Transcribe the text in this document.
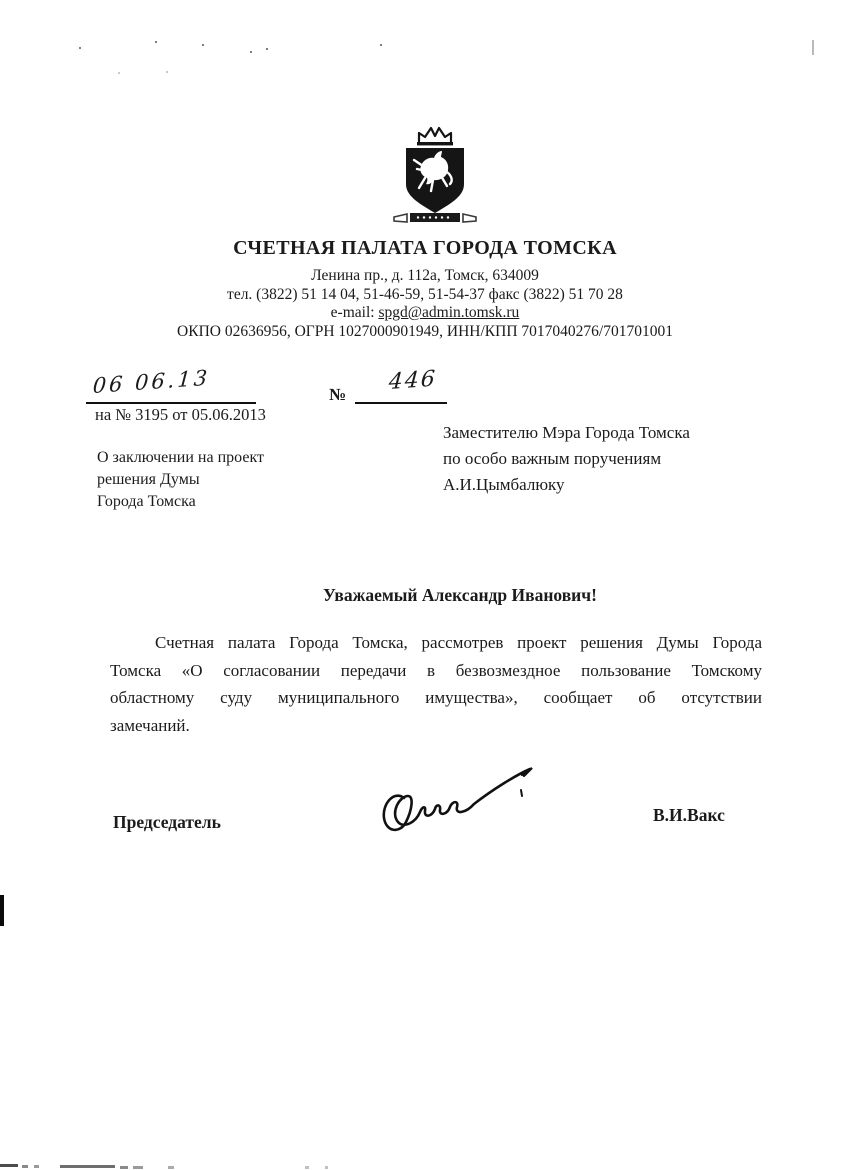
СЧЕТНАЯ ПАЛАТА ГОРОДА ТОМСКА
Ленина пр., д. 112а, Томск, 634009
тел. (3822) 51 14 04, 51-46-59, 51-54-37 факс (3822) 51 70 28
e-mail: spgd@admin.tomsk.ru
ОКПО 02636956, ОГРН 1027000901949, ИНН/КПП 7017040276/701701001
06 06.13	№ 446
на № 3195 от 05.06.2013
О заключении на проект
решения Думы
Города Томска
Заместителю Мэра Города Томска
по особо важным поручениям
А.И.Цымбалюку
Уважаемый Александр Иванович!
Счетная палата Города Томска, рассмотрев проект решения Думы Города
Томска «О согласовании передачи в безвозмездное пользование Томскому
областному суду муниципального имущества», сообщает об отсутствии
замечаний.
Председатель	В.И.Вакс
